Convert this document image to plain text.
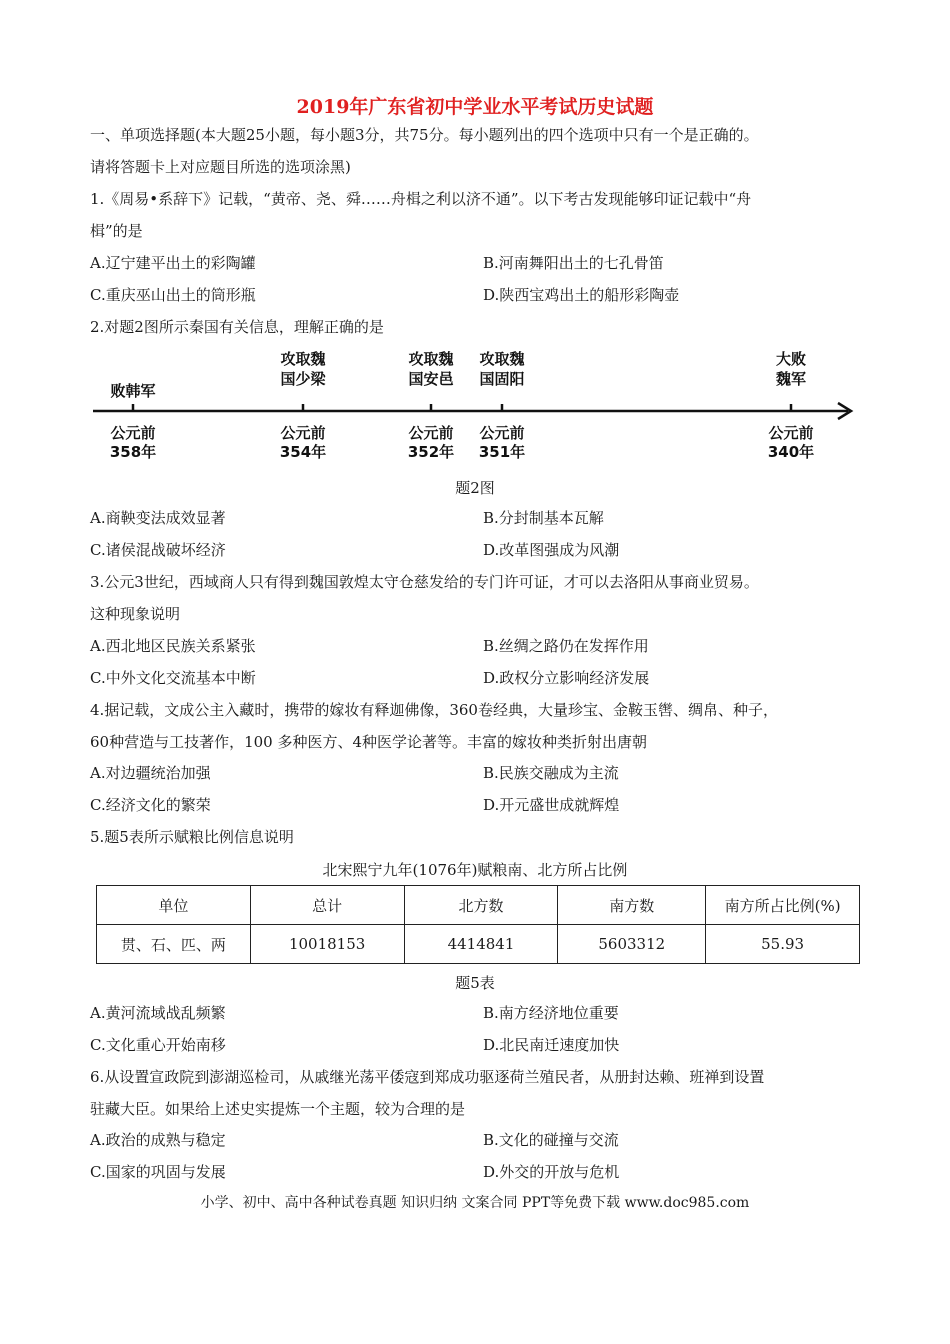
2019年广东省初中学业水平考试历史试题
一、单项选择题(本大题25小题，每小题3分，共75分。每小题列出的四个选项中只有一个是正确的。
请将答题卡上对应题目所选的选项涂黑)
1.《周易•系辞下》记载，“黄帝、尧、舜……舟楫之利以济不通”。以下考古发现能够印证记载中“舟
楫”的是
A.辽宁建平出土的彩陶罐	B.河南舞阳出土的七孔骨笛
C.重庆巫山出土的筒形瓶	D.陕西宝鸡出土的船形彩陶壶
2.对题2图所示秦国有关信息，理解正确的是
败韩军
公元前
358年
攻取魏
国少梁
公元前
354年
攻取魏
国安邑
公元前
352年
攻取魏
国固阳
公元前
351年
大败
魏军
公元前
340年
题2图
A.商鞅变法成效显著	B.分封制基本瓦解
C.诸侯混战破坏经济	D.改革图强成为风潮
3.公元3世纪，西域商人只有得到魏国敦煌太守仓慈发给的专门许可证，才可以去洛阳从事商业贸易。
这种现象说明
A.西北地区民族关系紧张	B.丝绸之路仍在发挥作用
C.中外文化交流基本中断	D.政权分立影响经济发展
4.据记载，文成公主入藏时，携带的嫁妆有释迦佛像，360卷经典，大量珍宝、金鞍玉辔、绸帛、种子，
60种营造与工技著作，100 多种医方、4种医学论著等。丰富的嫁妆种类折射出唐朝
A.对边疆统治加强	B.民族交融成为主流
C.经济文化的繁荣	D.开元盛世成就辉煌
5.题5表所示赋粮比例信息说明
北宋熙宁九年(1076年)赋粮南、北方所占比例
单位	总计	北方数	南方数	南方所占比例(%)
贯、石、匹、两	10018153	4414841	5603312	55.93
题5表
A.黄河流域战乱频繁	B.南方经济地位重要
C.文化重心开始南移	D.北民南迁速度加快
6.从设置宣政院到澎湖巡检司，从戚继光荡平倭寇到郑成功驱逐荷兰殖民者，从册封达赖、班禅到设置
驻藏大臣。如果给上述史实提炼一个主题，较为合理的是
A.政治的成熟与稳定	B.文化的碰撞与交流
C.国家的巩固与发展	D.外交的开放与危机
小学、初中、高中各种试卷真题 知识归纳 文案合同 PPT等免费下载 www.doc985.com
